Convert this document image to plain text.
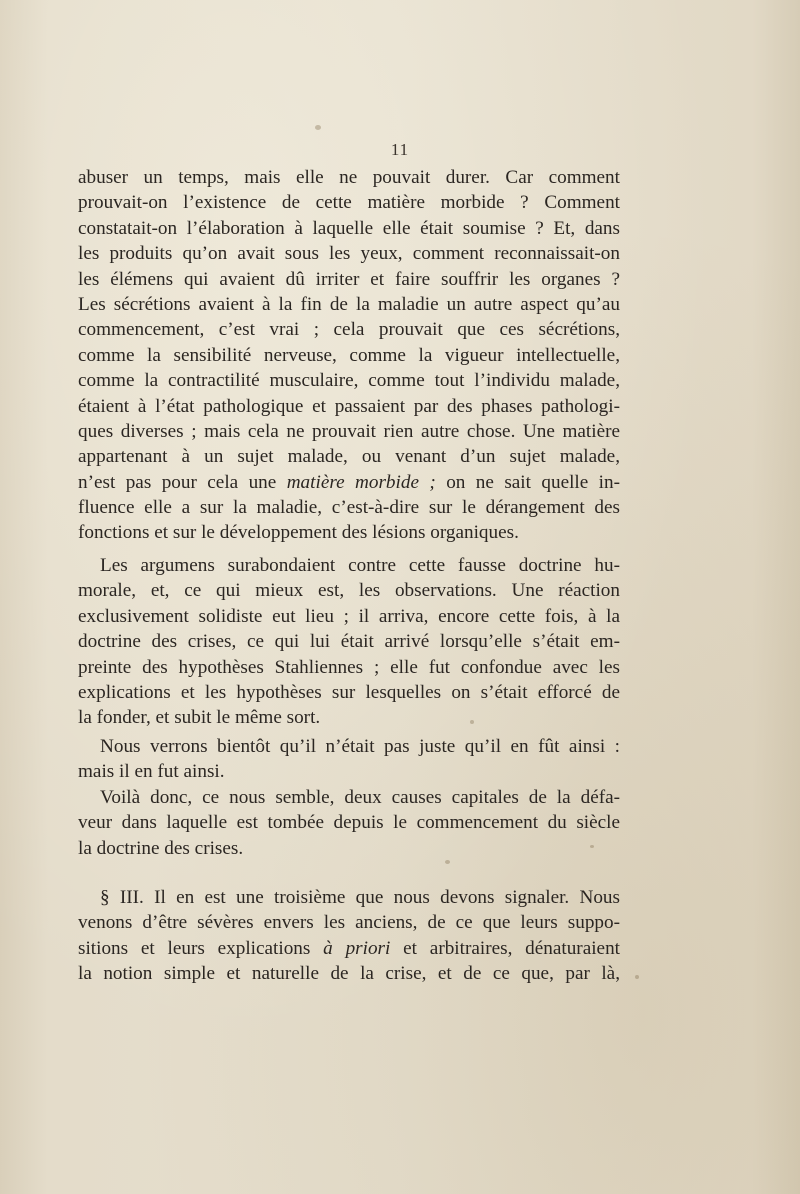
11
abuser un temps, mais elle ne pouvait durer. Car comment
prouvait-on l’existence de cette matière morbide ? Comment
constatait-on l’élaboration à laquelle elle était soumise ? Et, dans
les produits qu’on avait sous les yeux, comment reconnaissait-on
les élémens qui avaient dû irriter et faire souffrir les organes ?
Les sécrétions avaient à la fin de la maladie un autre aspect qu’au
commencement, c’est vrai ; cela prouvait que ces sécrétions,
comme la sensibilité nerveuse, comme la vigueur intellectuelle,
comme la contractilité musculaire, comme tout l’individu malade,
étaient à l’état pathologique et passaient par des phases pathologi-
ques diverses ; mais cela ne prouvait rien autre chose. Une matière
appartenant à un sujet malade, ou venant d’un sujet malade,
n’est pas pour cela une matière morbide ; on ne sait quelle in-
fluence elle a sur la maladie, c’est-à-dire sur le dérangement des
fonctions et sur le développement des lésions organiques.
Les argumens surabondaient contre cette fausse doctrine hu-
morale, et, ce qui mieux est, les observations. Une réaction
exclusivement solidiste eut lieu ; il arriva, encore cette fois, à la
doctrine des crises, ce qui lui était arrivé lorsqu’elle s’était em-
preinte des hypothèses Stahliennes ; elle fut confondue avec les
explications et les hypothèses sur lesquelles on s’était efforcé de
la fonder, et subit le même sort.
Nous verrons bientôt qu’il n’était pas juste qu’il en fût ainsi :
mais il en fut ainsi.
Voilà donc, ce nous semble, deux causes capitales de la défa-
veur dans laquelle est tombée depuis le commencement du siècle
la doctrine des crises.
§ III. Il en est une troisième que nous devons signaler. Nous
venons d’être sévères envers les anciens, de ce que leurs suppo-
sitions et leurs explications à priori et arbitraires, dénaturaient
la notion simple et naturelle de la crise, et de ce que, par là,
